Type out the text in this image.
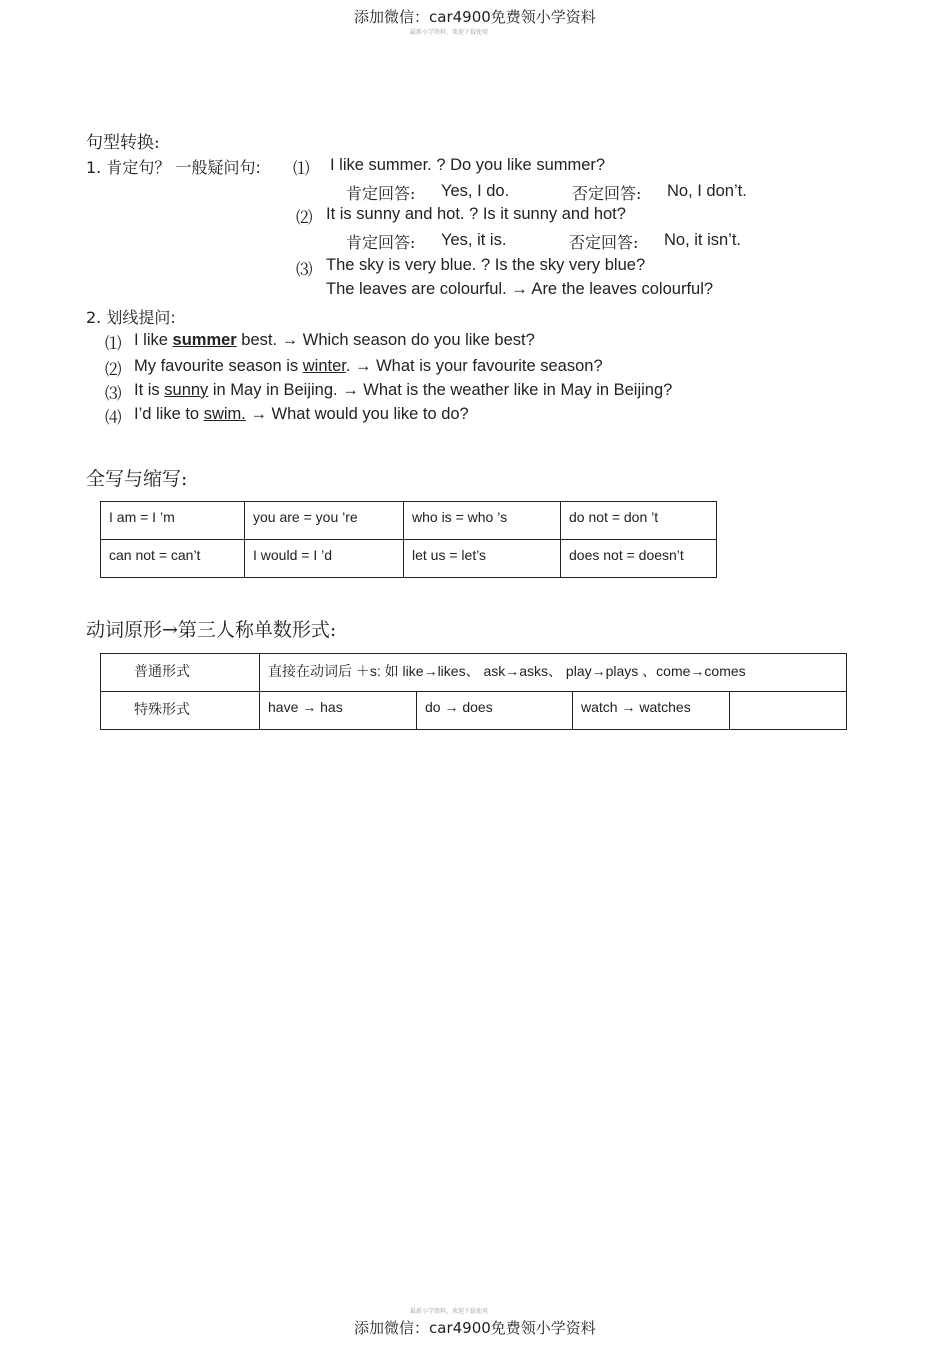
添加微信：car4900免费领小学资料
最新小学资料，欢迎下载使用
句型转换:
1. 肯定句？ 一般疑问句: ⑴ I like summer. ? Do you like summer?
肯定回答: Yes, I do.	否定回答: No, I don’t.
⑵ It is sunny and hot. ? Is it sunny and hot?
肯定回答: Yes, it is.	否定回答: No, it isn’t.
⑶ The sky is very blue. ? Is the sky very blue?
The leaves are colourful. → Are the leaves colourful?
2. 划线提问:
⑴ I like summer best. → Which season do you like best?
⑵ My favourite season is winter. → What is your favourite season?
⑶ It is sunny in May in Beijing. → What is the weather like in May in Beijing?
⑷ I’d like to swim. → What would you like to do?
全写与缩写:
I am = I ’m	you are = you ’re	who is = who ’s	do not = don ’t
can not = can’t	I would = I ’d	let us = let’s	does not = doesn’t
动词原形→第三人称单数形式:
普通形式	直接在动词后 ＋s: 如 like→likes、 ask→asks、 play→plays 、come→comes			
特殊形式	have → has	do → does	watch → watches	
最新小学资料，欢迎下载使用
添加微信：car4900免费领小学资料
